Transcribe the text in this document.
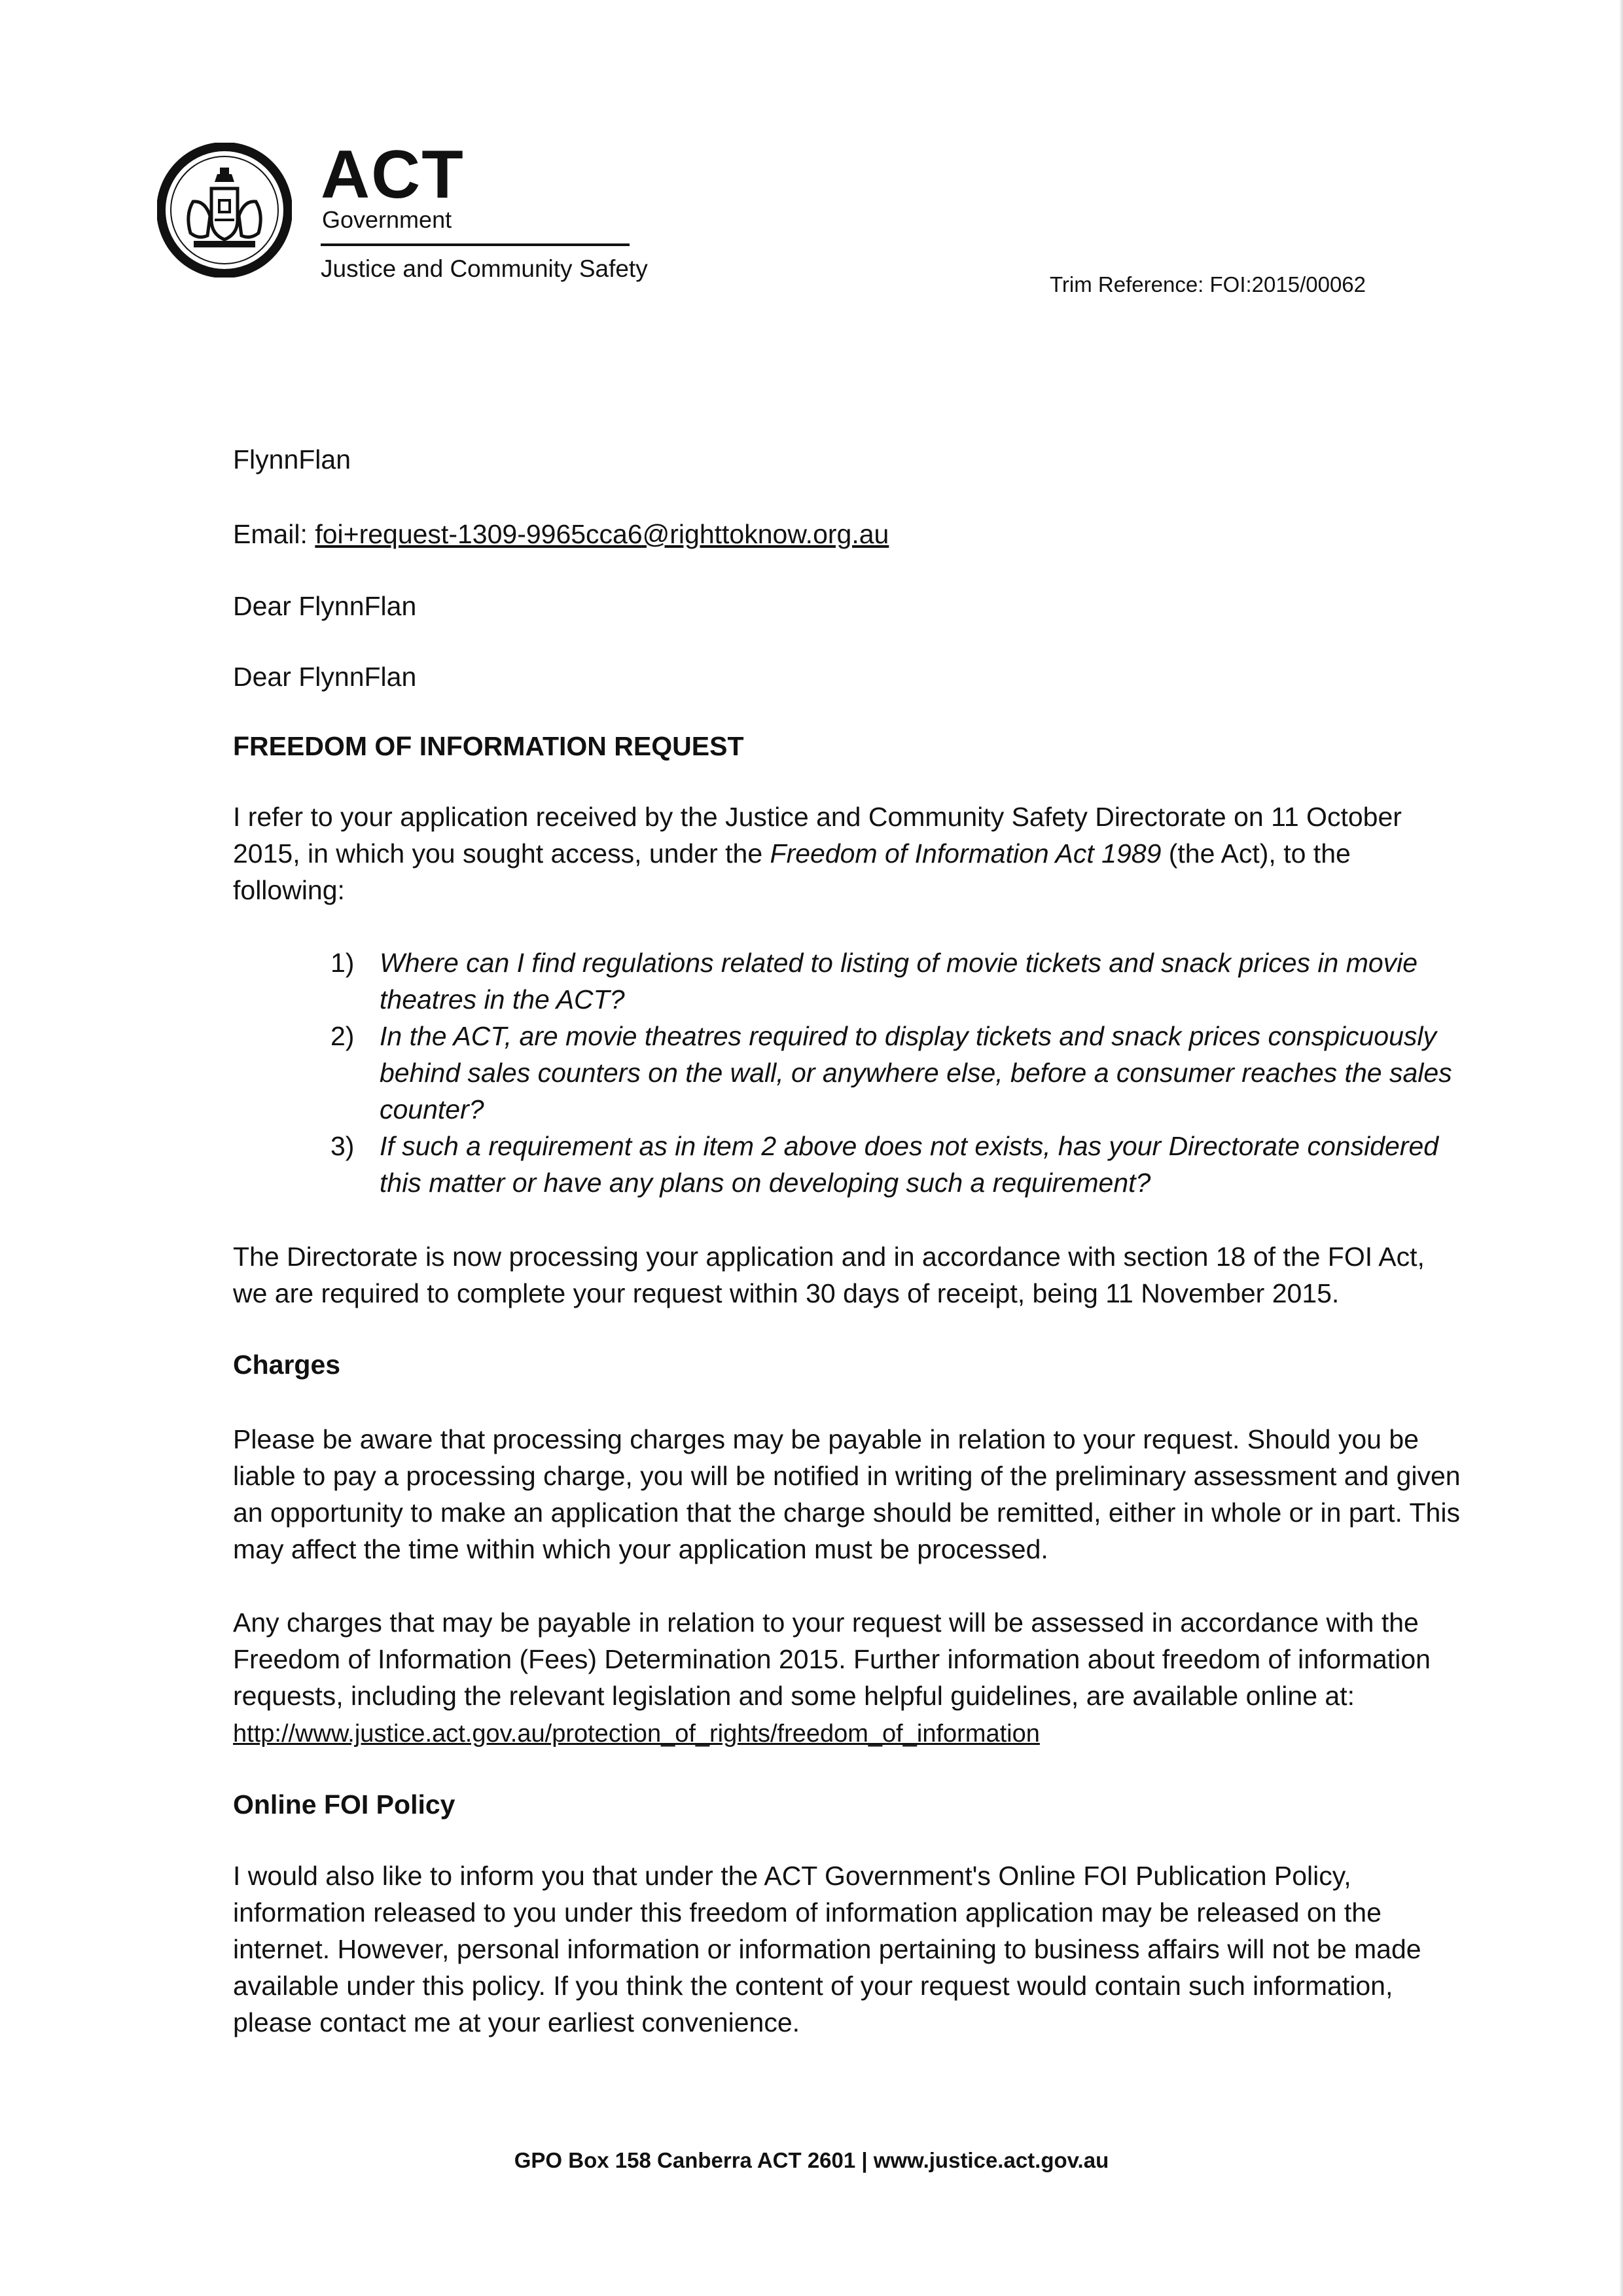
ACT
Government
Justice and Community Safety
Trim Reference: FOI:2015/00062
FlynnFlan
Email: foi+request-1309-9965cca6@righttoknow.org.au
Dear FlynnFlan
Dear FlynnFlan
FREEDOM OF INFORMATION REQUEST
I refer to your application received by the Justice and Community Safety Directorate on 11 October 2015, in which you sought access, under the Freedom of Information Act 1989 (the Act), to the following:
1) Where can I find regulations related to listing of movie tickets and snack prices in movie theatres in the ACT?
2) In the ACT, are movie theatres required to display tickets and snack prices conspicuously behind sales counters on the wall, or anywhere else, before a consumer reaches the sales counter?
3) If such a requirement as in item 2 above does not exists, has your Directorate considered this matter or have any plans on developing such a requirement?
The Directorate is now processing your application and in accordance with section 18 of the FOI Act, we are required to complete your request within 30 days of receipt, being 11 November 2015.
Charges
Please be aware that processing charges may be payable in relation to your request. Should you be liable to pay a processing charge, you will be notified in writing of the preliminary assessment and given an opportunity to make an application that the charge should be remitted, either in whole or in part. This may affect the time within which your application must be processed.
Any charges that may be payable in relation to your request will be assessed in accordance with the Freedom of Information (Fees) Determination 2015. Further information about freedom of information requests, including the relevant legislation and some helpful guidelines, are available online at: http://www.justice.act.gov.au/protection_of_rights/freedom_of_information
Online FOI Policy
I would also like to inform you that under the ACT Government's Online FOI Publication Policy, information released to you under this freedom of information application may be released on the internet. However, personal information or information pertaining to business affairs will not be made available under this policy. If you think the content of your request would contain such information, please contact me at your earliest convenience.
GPO Box 158 Canberra ACT 2601 | www.justice.act.gov.au
